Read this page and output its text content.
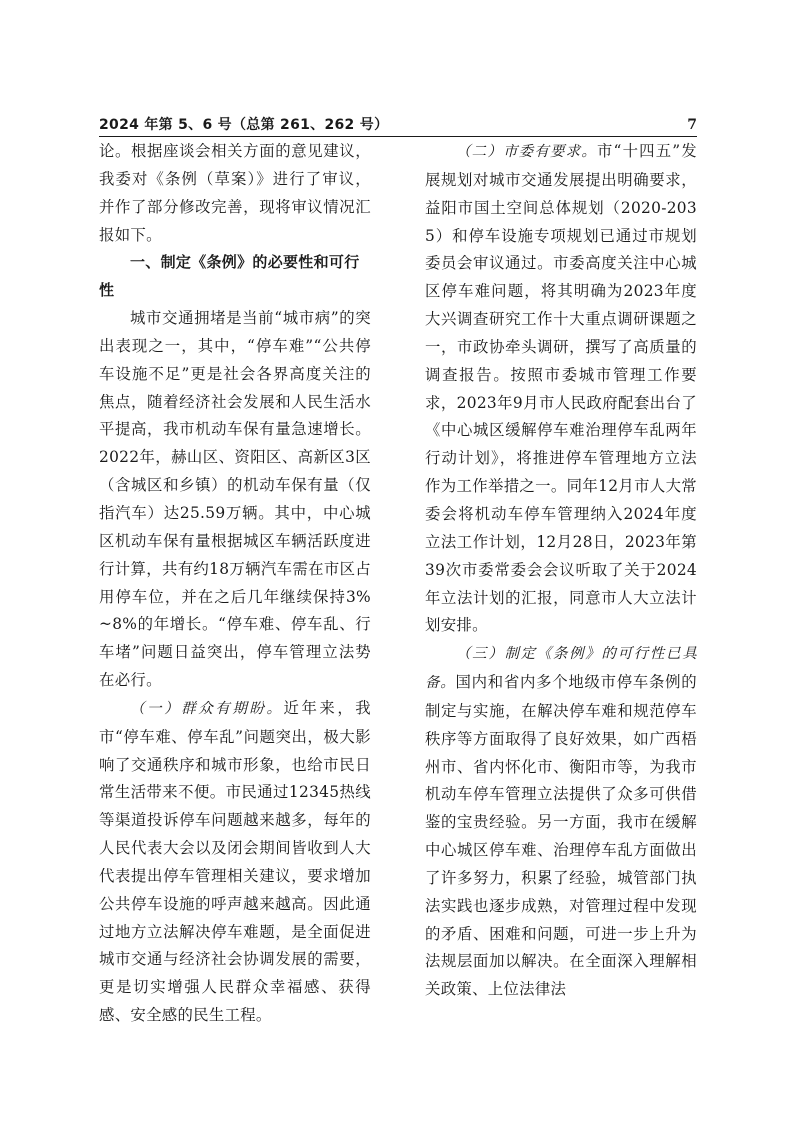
2024 年第 5、6 号（总第 261、262 号）	7

论。根据座谈会相关方面的意见建议，我委对《条例（草案）》进行了审议，并作了部分修改完善，现将审议情况汇报如下。

一、制定《条例》的必要性和可行性

城市交通拥堵是当前“城市病”的突出表现之一，其中，“停车难”“公共停车设施不足”更是社会各界高度关注的焦点，随着经济社会发展和人民生活水平提高，我市机动车保有量急速增长。2022年，赫山区、资阳区、高新区3区（含城区和乡镇）的机动车保有量（仅指汽车）达25.59万辆。其中，中心城区机动车保有量根据城区车辆活跃度进行计算，共有约18万辆汽车需在市区占用停车位，并在之后几年继续保持3%~8%的年增长。“停车难、停车乱、行车堵”问题日益突出，停车管理立法势在必行。

（一）群众有期盼。近年来，我市“停车难、停车乱”问题突出，极大影响了交通秩序和城市形象，也给市民日常生活带来不便。市民通过12345热线等渠道投诉停车问题越来越多，每年的人民代表大会以及闭会期间皆收到人大代表提出停车管理相关建议，要求增加公共停车设施的呼声越来越高。因此通过地方立法解决停车难题，是全面促进城市交通与经济社会协调发展的需要，更是切实增强人民群众幸福感、获得感、安全感的民生工程。

（二）市委有要求。市“十四五”发展规划对城市交通发展提出明确要求，益阳市国土空间总体规划（2020-2035）和停车设施专项规划已通过市规划委员会审议通过。市委高度关注中心城区停车难问题，将其明确为2023年度大兴调查研究工作十大重点调研课题之一，市政协牵头调研，撰写了高质量的调查报告。按照市委城市管理工作要求，2023年9月市人民政府配套出台了《中心城区缓解停车难治理停车乱两年行动计划》，将推进停车管理地方立法作为工作举措之一。同年12月市人大常委会将机动车停车管理纳入2024年度立法工作计划，12月28日，2023年第39次市委常委会会议听取了关于2024年立法计划的汇报，同意市人大立法计划安排。

（三）制定《条例》的可行性已具备。国内和省内多个地级市停车条例的制定与实施，在解决停车难和规范停车秩序等方面取得了良好效果，如广西梧州市、省内怀化市、衡阳市等，为我市机动车停车管理立法提供了众多可供借鉴的宝贵经验。另一方面，我市在缓解中心城区停车难、治理停车乱方面做出了许多努力，积累了经验，城管部门执法实践也逐步成熟，对管理过程中发现的矛盾、困难和问题，可进一步上升为法规层面加以解决。在全面深入理解相关政策、上位法律法
